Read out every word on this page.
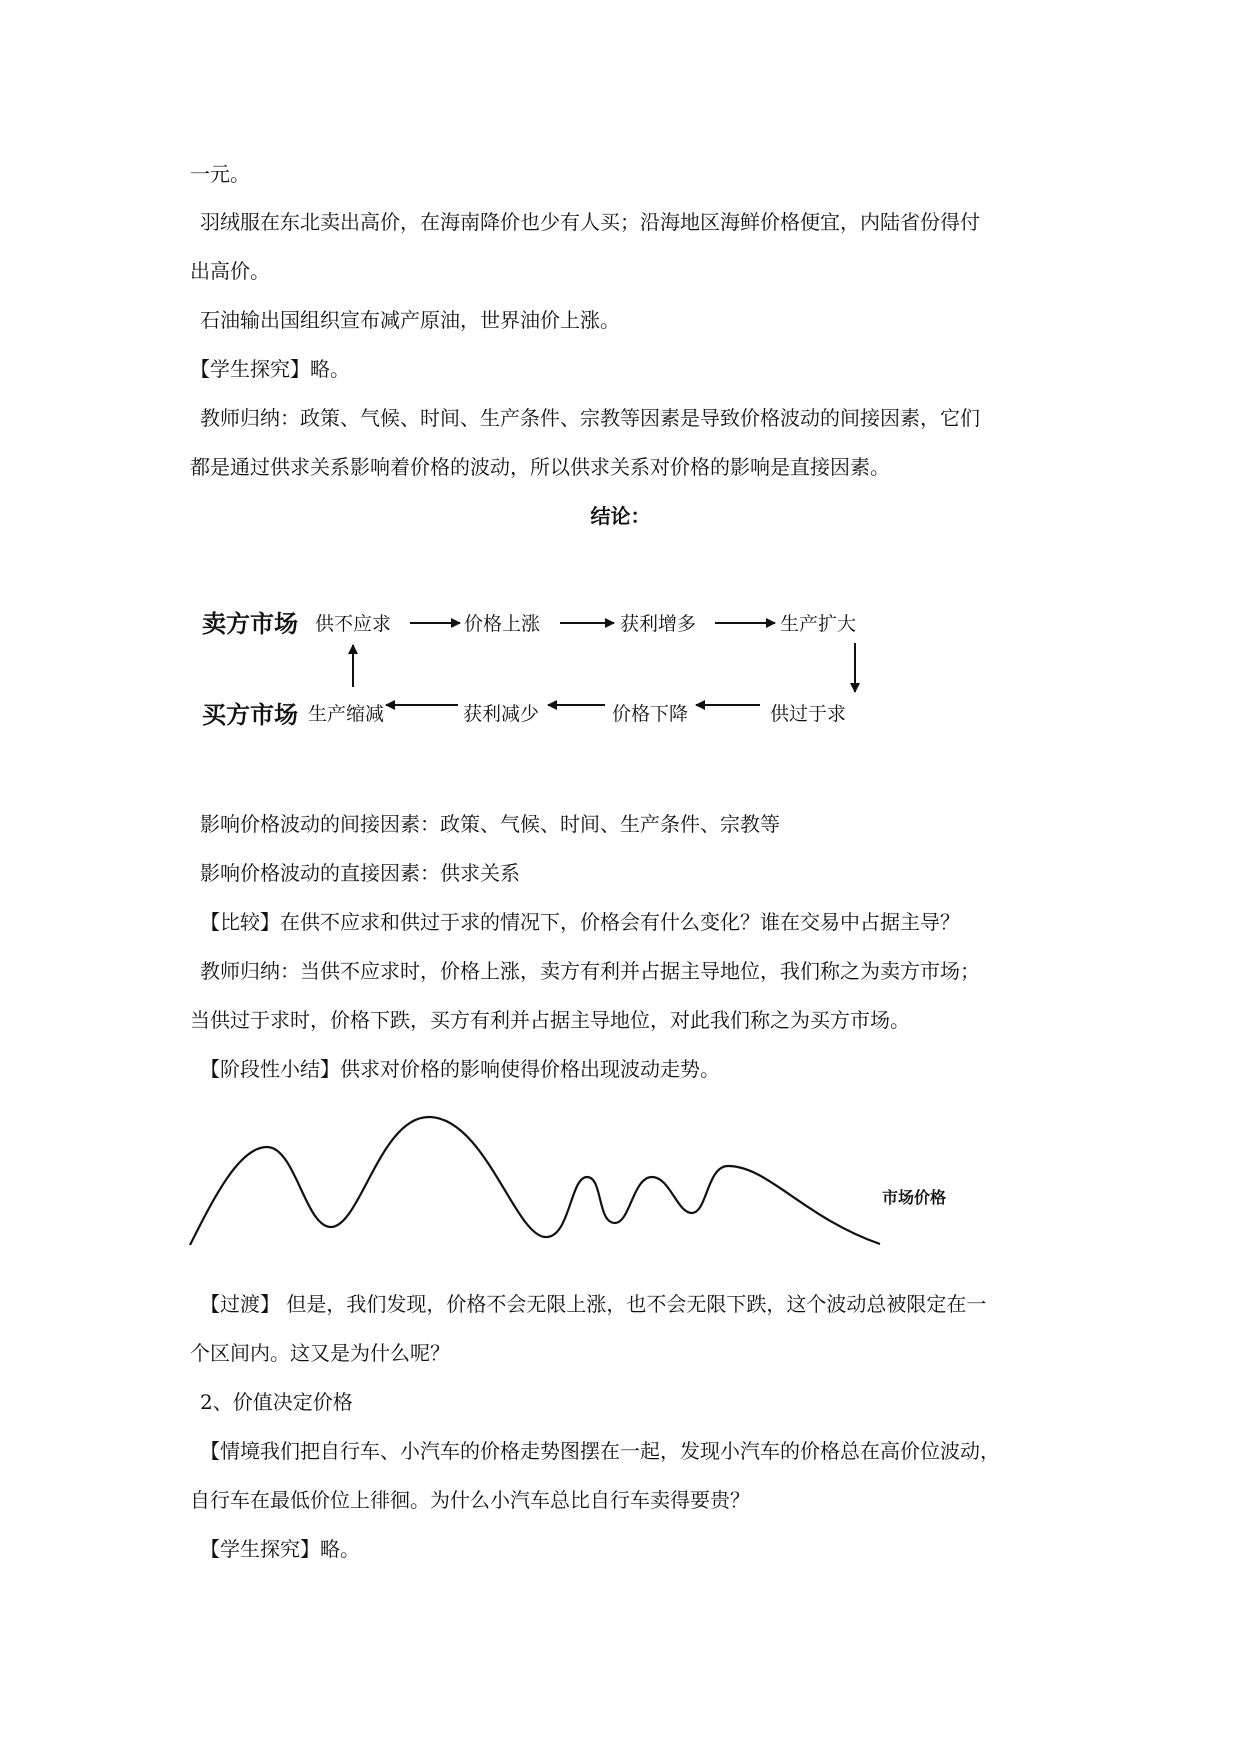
一元。

羽绒服在东北卖出高价，在海南降价也少有人买；沿海地区海鲜价格便宜，内陆省份得付

出高价。

石油输出国组织宣布减产原油，世界油价上涨。

【学生探究】略。

教师归纳：政策、气候、时间、生产条件、宗教等因素是导致价格波动的间接因素，它们

都是通过供求关系影响着价格的波动，所以供求关系对价格的影响是直接因素。

结论：

卖方市场
买方市场
供不应求	价格上涨	获利增多	生产扩大
生产缩减	获利减少	价格下降	供过于求

影响价格波动的间接因素：政策、气候、时间、生产条件、宗教等

影响价格波动的直接因素：供求关系

【比较】在供不应求和供过于求的情况下，价格会有什么变化？谁在交易中占据主导？

教师归纳：当供不应求时，价格上涨，卖方有利并占据主导地位，我们称之为卖方市场；

当供过于求时，价格下跌，买方有利并占据主导地位，对此我们称之为买方市场。

【阶段性小结】供求对价格的影响使得价格出现波动走势。

市场价格

【过渡】 但是，我们发现，价格不会无限上涨，也不会无限下跌，这个波动总被限定在一

个区间内。这又是为什么呢？

2、价值决定价格

【情境我们把自行车、小汽车的价格走势图摆在一起，发现小汽车的价格总在高价位波动，

自行车在最低价位上徘徊。为什么小汽车总比自行车卖得要贵？

【学生探究】略。
